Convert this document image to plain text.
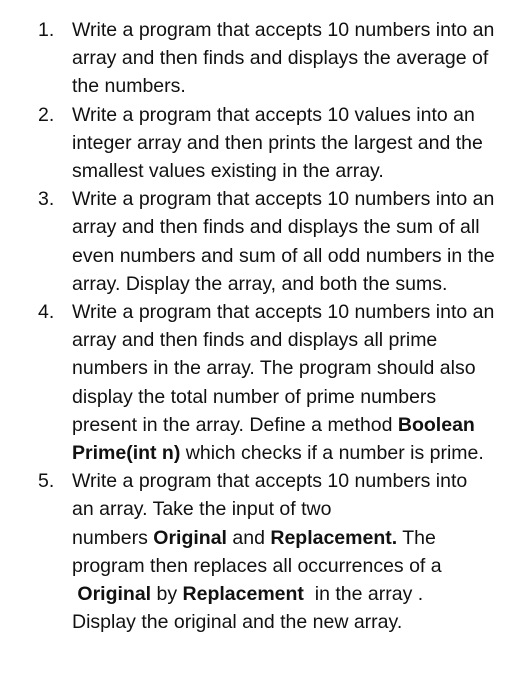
1. Write a program that accepts 10 numbers into an array and then finds and displays the average of the numbers.
2. Write a program that accepts 10 values into an integer array and then prints the largest and the smallest values existing in the array.
3. Write a program that accepts 10 numbers into an array and then finds and displays the sum of all even numbers and sum of all odd numbers in the array. Display the array, and both the sums.
4. Write a program that accepts 10 numbers into an array and then finds and displays all prime numbers in the array. The program should also display the total number of prime numbers present in the array. Define a method Boolean Prime(int n) which checks if a number is prime.
5. Write a program that accepts 10 numbers into
an array. Take the input of two
numbers Original and Replacement. The
program then replaces all occurrences of a
Original by Replacement  in the array .
Display the original and the new array.
